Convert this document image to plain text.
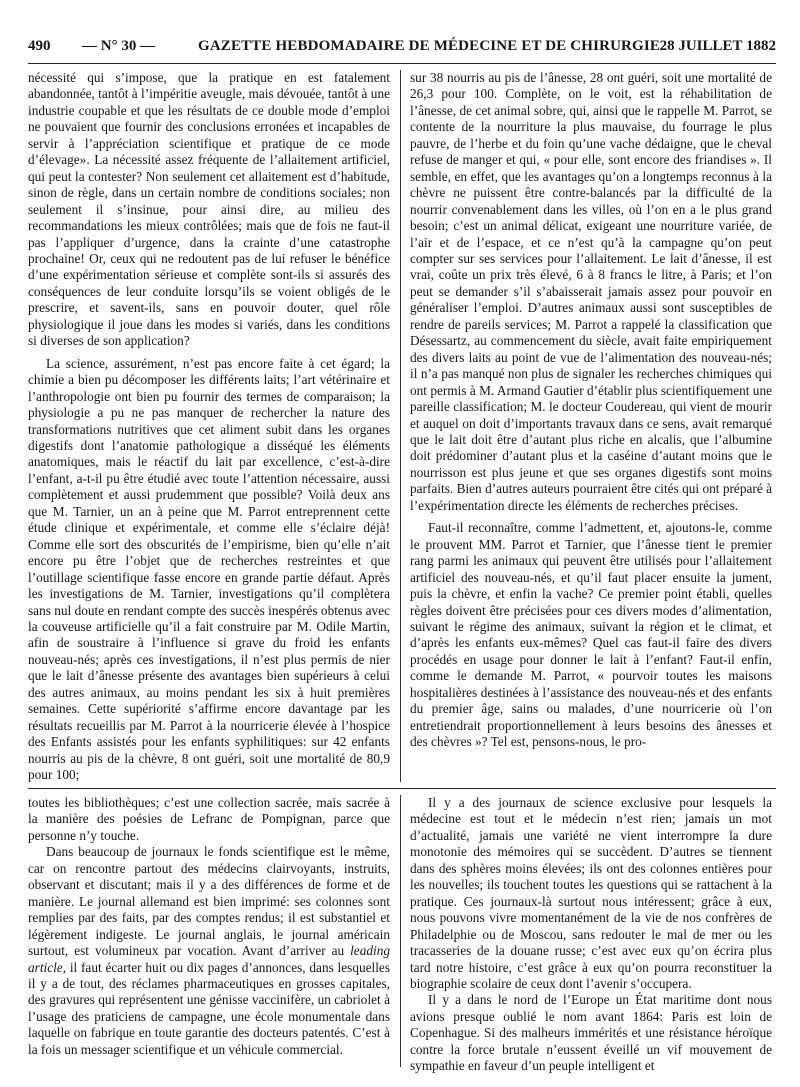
490 — N° 30 —	GAZETTE HEBDOMADAIRE DE MÉDECINE ET DE CHIRURGIE 28 JUILLET 1882

nécessité qui s’impose, que la pratique en est fatalement abandonnée, tantôt à l’impéritie aveugle, mais dévouée, tantôt à une industrie coupable et que les résultats de ce double mode d’emploi ne pouvaient que fournir des conclusions erronées et incapables de servir à l’appréciation scientifique et pratique de ce mode d’élevage». La nécessité assez fréquente de l’allaitement artificiel, qui peut la contester? Non seulement cet allaitement est d’habitude, sinon de règle, dans un certain nombre de conditions sociales; non seulement il s’insinue, pour ainsi dire, au milieu des recommandations les mieux contrôlées; mais que de fois ne faut-il pas l’appliquer d’urgence, dans la crainte d’une catastrophe prochaine! Or, ceux qui ne redoutent pas de lui refuser le bénéfice d’une expérimentation sérieuse et complète sont-ils si assurés des conséquences de leur conduite lorsqu’ils se voient obligés de le prescrire, et savent-ils, sans en pouvoir douter, quel rôle physiologique il joue dans les modes si variés, dans les conditions si diverses de son application?

La science, assurément, n’est pas encore faite à cet égard; la chimie a bien pu décomposer les différents laits; l’art vétérinaire et l’anthropologie ont bien pu fournir des termes de comparaison; la physiologie a pu ne pas manquer de rechercher la nature des transformations nutritives que cet aliment subit dans les organes digestifs dont l’anatomie pathologique a disséqué les éléments anatomiques, mais le réactif du lait par excellence, c’est-à-dire l’enfant, a-t-il pu être étudié avec toute l’attention nécessaire, aussi complètement et aussi prudemment que possible? Voilà deux ans que M. Tarnier, un an à peine que M. Parrot entreprennent cette étude clinique et expérimentale, et comme elle s’éclaire déjà! Comme elle sort des obscurités de l’empirisme, bien qu’elle n’ait encore pu être l’objet que de recherches restreintes et que l’outillage scientifique fasse encore en grande partie défaut. Après les investigations de M. Tarnier, investigations qu’il complètera sans nul doute en rendant compte des succès inespérés obtenus avec la couveuse artificielle qu’il a fait construire par M. Odile Martin, afin de soustraire à l’influence si grave du froid les enfants nouveau-nés; après ces investigations, il n’est plus permis de nier que le lait d’ânesse présente des avantages bien supérieurs à celui des autres animaux, au moins pendant les six à huit premières semaines. Cette supériorité s’affirme encore davantage par les résultats recueillis par M. Parrot à la nourricerie élevée à l’hospice des Enfants assistés pour les enfants syphilitiques: sur 42 enfants nourris au pis de la chèvre, 8 ont guéri, soit une mortalité de 80,9 pour 100;

sur 38 nourris au pis de l’ânesse, 28 ont guéri, soit une mortalité de 26,3 pour 100. Complète, on le voit, est la réhabilitation de l’ânesse, de cet animal sobre, qui, ainsi que le rappelle M. Parrot, se contente de la nourriture la plus mauvaise, du fourrage le plus pauvre, de l’herbe et du foin qu’une vache dédaigne, que le cheval refuse de manger et qui, « pour elle, sont encore des friandises ». Il semble, en effet, que les avantages qu’on a longtemps reconnus à la chèvre ne puissent être contre-balancés par la difficulté de la nourrir convenablement dans les villes, où l’on en a le plus grand besoin; c’est un animal délicat, exigeant une nourriture variée, de l’air et de l’espace, et ce n’est qu’à la campagne qu’on peut compter sur ses services pour l’allaitement. Le lait d’ânesse, il est vrai, coûte un prix très élevé, 6 à 8 francs le litre, à Paris; et l’on peut se demander s’il s’abaisserait jamais assez pour pouvoir en généraliser l’emploi. D’autres animaux aussi sont susceptibles de rendre de pareils services; M. Parrot a rappelé la classification que Désessartz, au commencement du siècle, avait faite empiriquement des divers laits au point de vue de l’alimentation des nouveau-nés; il n’a pas manqué non plus de signaler les recherches chimiques qui ont permis à M. Armand Gautier d’établir plus scientifiquement une pareille classification; M. le docteur Coudereau, qui vient de mourir et auquel on doit d’importants travaux dans ce sens, avait remarqué que le lait doit être d’autant plus riche en alcalis, que l’albumine doit prédominer d’autant plus et la caséine d’autant moins que le nourrisson est plus jeune et que ses organes digestifs sont moins parfaits. Bien d’autres auteurs pourraient être cités qui ont préparé à l’expérimentation directe les éléments de recherches précises.

Faut-il reconnaître, comme l’admettent, et, ajoutons-le, comme le prouvent MM. Parrot et Tarnier, que l’ânesse tient le premier rang parmi les animaux qui peuvent être utilisés pour l’allaitement artificiel des nouveau-nés, et qu’il faut placer ensuite la jument, puis la chèvre, et enfin la vache? Ce premier point établi, quelles règles doivent être précisées pour ces divers modes d’alimentation, suivant le régime des animaux, suivant la région et le climat, et d’après les enfants eux-mêmes? Quel cas faut-il faire des divers procédés en usage pour donner le lait à l’enfant? Faut-il enfin, comme le demande M. Parrot, « pourvoir toutes les maisons hospitalières destinées à l’assistance des nouveau-nés et des enfants du premier âge, sains ou malades, d’une nourricerie où l’on entretiendrait proportionnellement à leurs besoins des ânesses et des chèvres »? Tel est, pensons-nous, le pro-

toutes les bibliothèques; c’est une collection sacrée, mais sacrée à la manière des poésies de Lefranc de Pompignan, parce que personne n’y touche.

Dans beaucoup de journaux le fonds scientifique est le même, car on rencontre partout des médecins clairvoyants, instruits, observant et discutant; mais il y a des différences de forme et de manière. Le journal allemand est bien imprimé: ses colonnes sont remplies par des faits, par des comptes rendus; il est substantiel et légèrement indigeste. Le journal anglais, le journal américain surtout, est volumineux par vocation. Avant d’arriver au leading article, il faut écarter huit ou dix pages d’annonces, dans lesquelles il y a de tout, des réclames pharmaceutiques en grosses capitales, des gravures qui représentent une génisse vaccinifère, un cabriolet à l’usage des praticiens de campagne, une école monumentale dans laquelle on fabrique en toute garantie des docteurs patentés. C’est à la fois un messager scientifique et un véhicule commercial.

Il y a des journaux de science exclusive pour lesquels la médecine est tout et le médecin n’est rien; jamais un mot d’actualité, jamais une variété ne vient interrompre la dure monotonie des mémoires qui se succèdent. D’autres se tiennent dans des sphères moins élevées; ils ont des colonnes entières pour les nouvelles; ils touchent toutes les questions qui se rattachent à la pratique. Ces journaux-là surtout nous intéressent; grâce à eux, nous pouvons vivre momentanément de la vie de nos confrères de Philadelphie ou de Moscou, sans redouter le mal de mer ou les tracasseries de la douane russe; c’est avec eux qu’on écrira plus tard notre histoire, c’est grâce à eux qu’on pourra reconstituer la biographie scolaire de ceux dont l’avenir s’occupera.

Il y a dans le nord de l’Europe un État maritime dont nous avions presque oublié le nom avant 1864: Paris est loin de Copenhague. Si des malheurs immérités et une résistance héroïque contre la force brutale n’eussent éveillé un vif mouvement de sympathie en faveur d’un peuple intelligent et
